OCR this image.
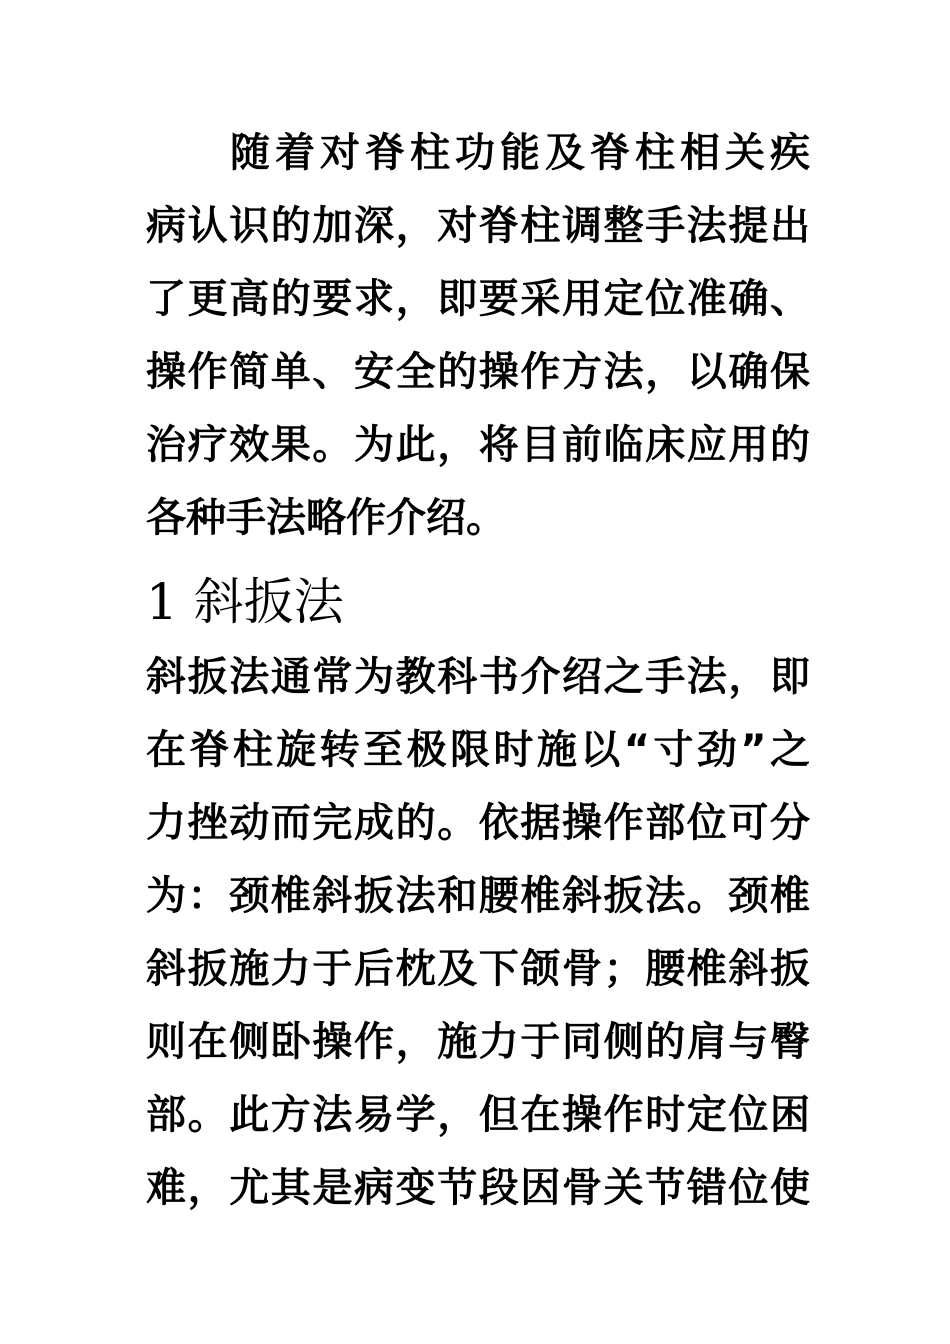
随着对脊柱功能及脊柱相关疾
病认识的加深，对脊柱调整手法提出
了更高的要求，即要采用定位准确、
操作简单、安全的操作方法，以确保
治疗效果。为此，将目前临床应用的
各种手法略作介绍。
1 斜扳法
斜扳法通常为教科书介绍之手法，即
在脊柱旋转至极限时施以“寸劲”之
力挫动而完成的。依据操作部位可分
为：颈椎斜扳法和腰椎斜扳法。颈椎
斜扳施力于后枕及下颌骨；腰椎斜扳
则在侧卧操作，施力于同侧的肩与臀
部。此方法易学，但在操作时定位困
难，尤其是病变节段因骨关节错位使
